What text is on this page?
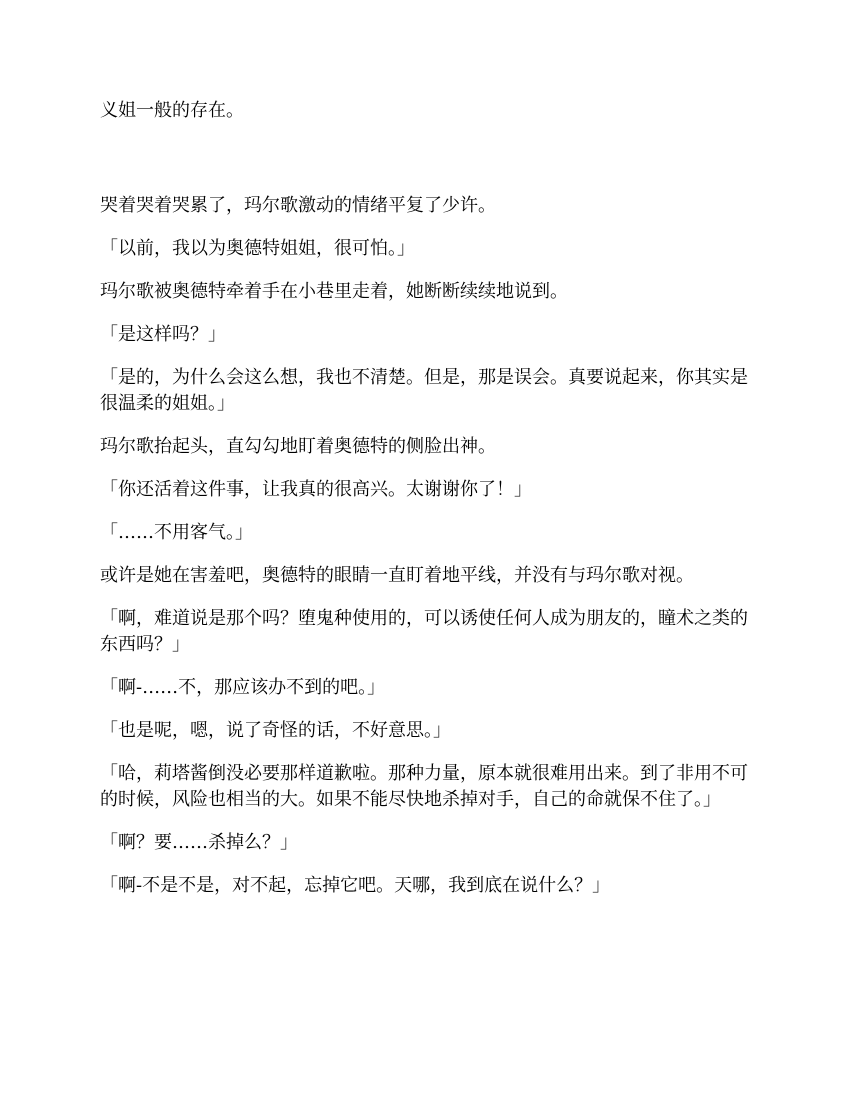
义姐一般的存在。

哭着哭着哭累了，玛尔歌激动的情绪平复了少许。

「以前，我以为奥德特姐姐，很可怕。」

玛尔歌被奥德特牵着手在小巷里走着，她断断续续地说到。

「是这样吗？」

「是的，为什么会这么想，我也不清楚。但是，那是误会。真要说起来，你其实是很温柔的姐姐。」

玛尔歌抬起头，直勾勾地盯着奥德特的侧脸出神。

「你还活着这件事，让我真的很高兴。太谢谢你了！」

「……不用客气。」

或许是她在害羞吧，奥德特的眼睛一直盯着地平线，并没有与玛尔歌对视。

「啊，难道说是那个吗？堕鬼种使用的，可以诱使任何人成为朋友的，瞳术之类的东西吗？」

「啊-……不，那应该办不到的吧。」

「也是呢，嗯，说了奇怪的话，不好意思。」

「哈，莉塔酱倒没必要那样道歉啦。那种力量，原本就很难用出来。到了非用不可的时候，风险也相当的大。如果不能尽快地杀掉对手，自己的命就保不住了。」

「啊？要……杀掉么？」

「啊-不是不是，对不起，忘掉它吧。天哪，我到底在说什么？」
